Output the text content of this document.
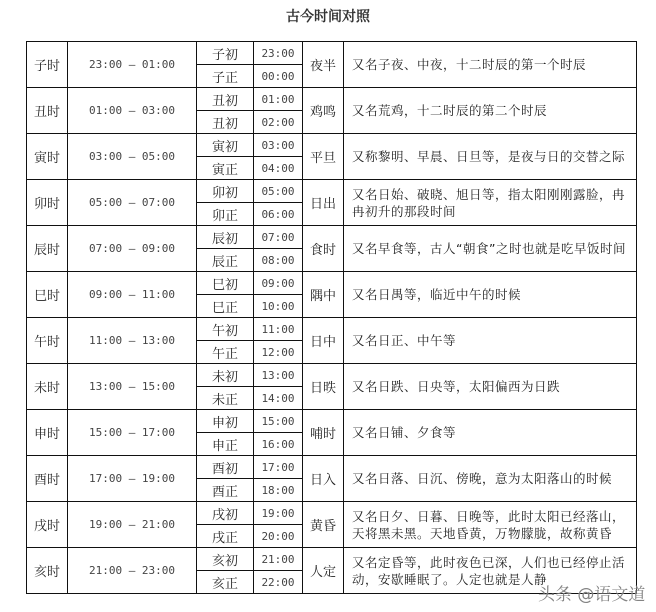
古今时间对照
子时	23:00 – 01:00	子初	23:00	夜半	又名子夜、中夜，十二时辰的第一个时辰
		子正	00:00		
丑时	01:00 – 03:00	丑初	01:00	鸡鸣	又名荒鸡，十二时辰的第二个时辰
		丑初	02:00		
寅时	03:00 – 05:00	寅初	03:00	平旦	又称黎明、早晨、日旦等，是夜与日的交替之际
		寅正	04:00		
卯时	05:00 – 07:00	卯初	05:00	日出	又名日始、破晓、旭日等，指太阳刚刚露脸，冉冉初升的那段时间
		卯正	06:00		
辰时	07:00 – 09:00	辰初	07:00	食时	又名早食等，古人“朝食”之时也就是吃早饭时间
		辰正	08:00		
巳时	09:00 – 11:00	巳初	09:00	隅中	又名日禺等，临近中午的时候
		巳正	10:00		
午时	11:00 – 13:00	午初	11:00	日中	又名日正、中午等
		午正	12:00		
未时	13:00 – 15:00	未初	13:00	日昳	又名日跌、日央等，太阳偏西为日跌
		未正	14:00		
申时	15:00 – 17:00	申初	15:00	哺时	又名日铺、夕食等
		申正	16:00		
酉时	17:00 – 19:00	酉初	17:00	日入	又名日落、日沉、傍晚，意为太阳落山的时候
		酉正	18:00		
戌时	19:00 – 21:00	戌初	19:00	黄昏	又名日夕、日暮、日晚等，此时太阳已经落山，天将黑未黑。天地昏黄，万物朦胧，故称黄昏
		戌正	20:00		
亥时	21:00 – 23:00	亥初	21:00	人定	又名定昏等，此时夜色已深，人们也已经停止活动，安歇睡眠了。人定也就是人静
		亥正	22:00		
头条 @语文道
